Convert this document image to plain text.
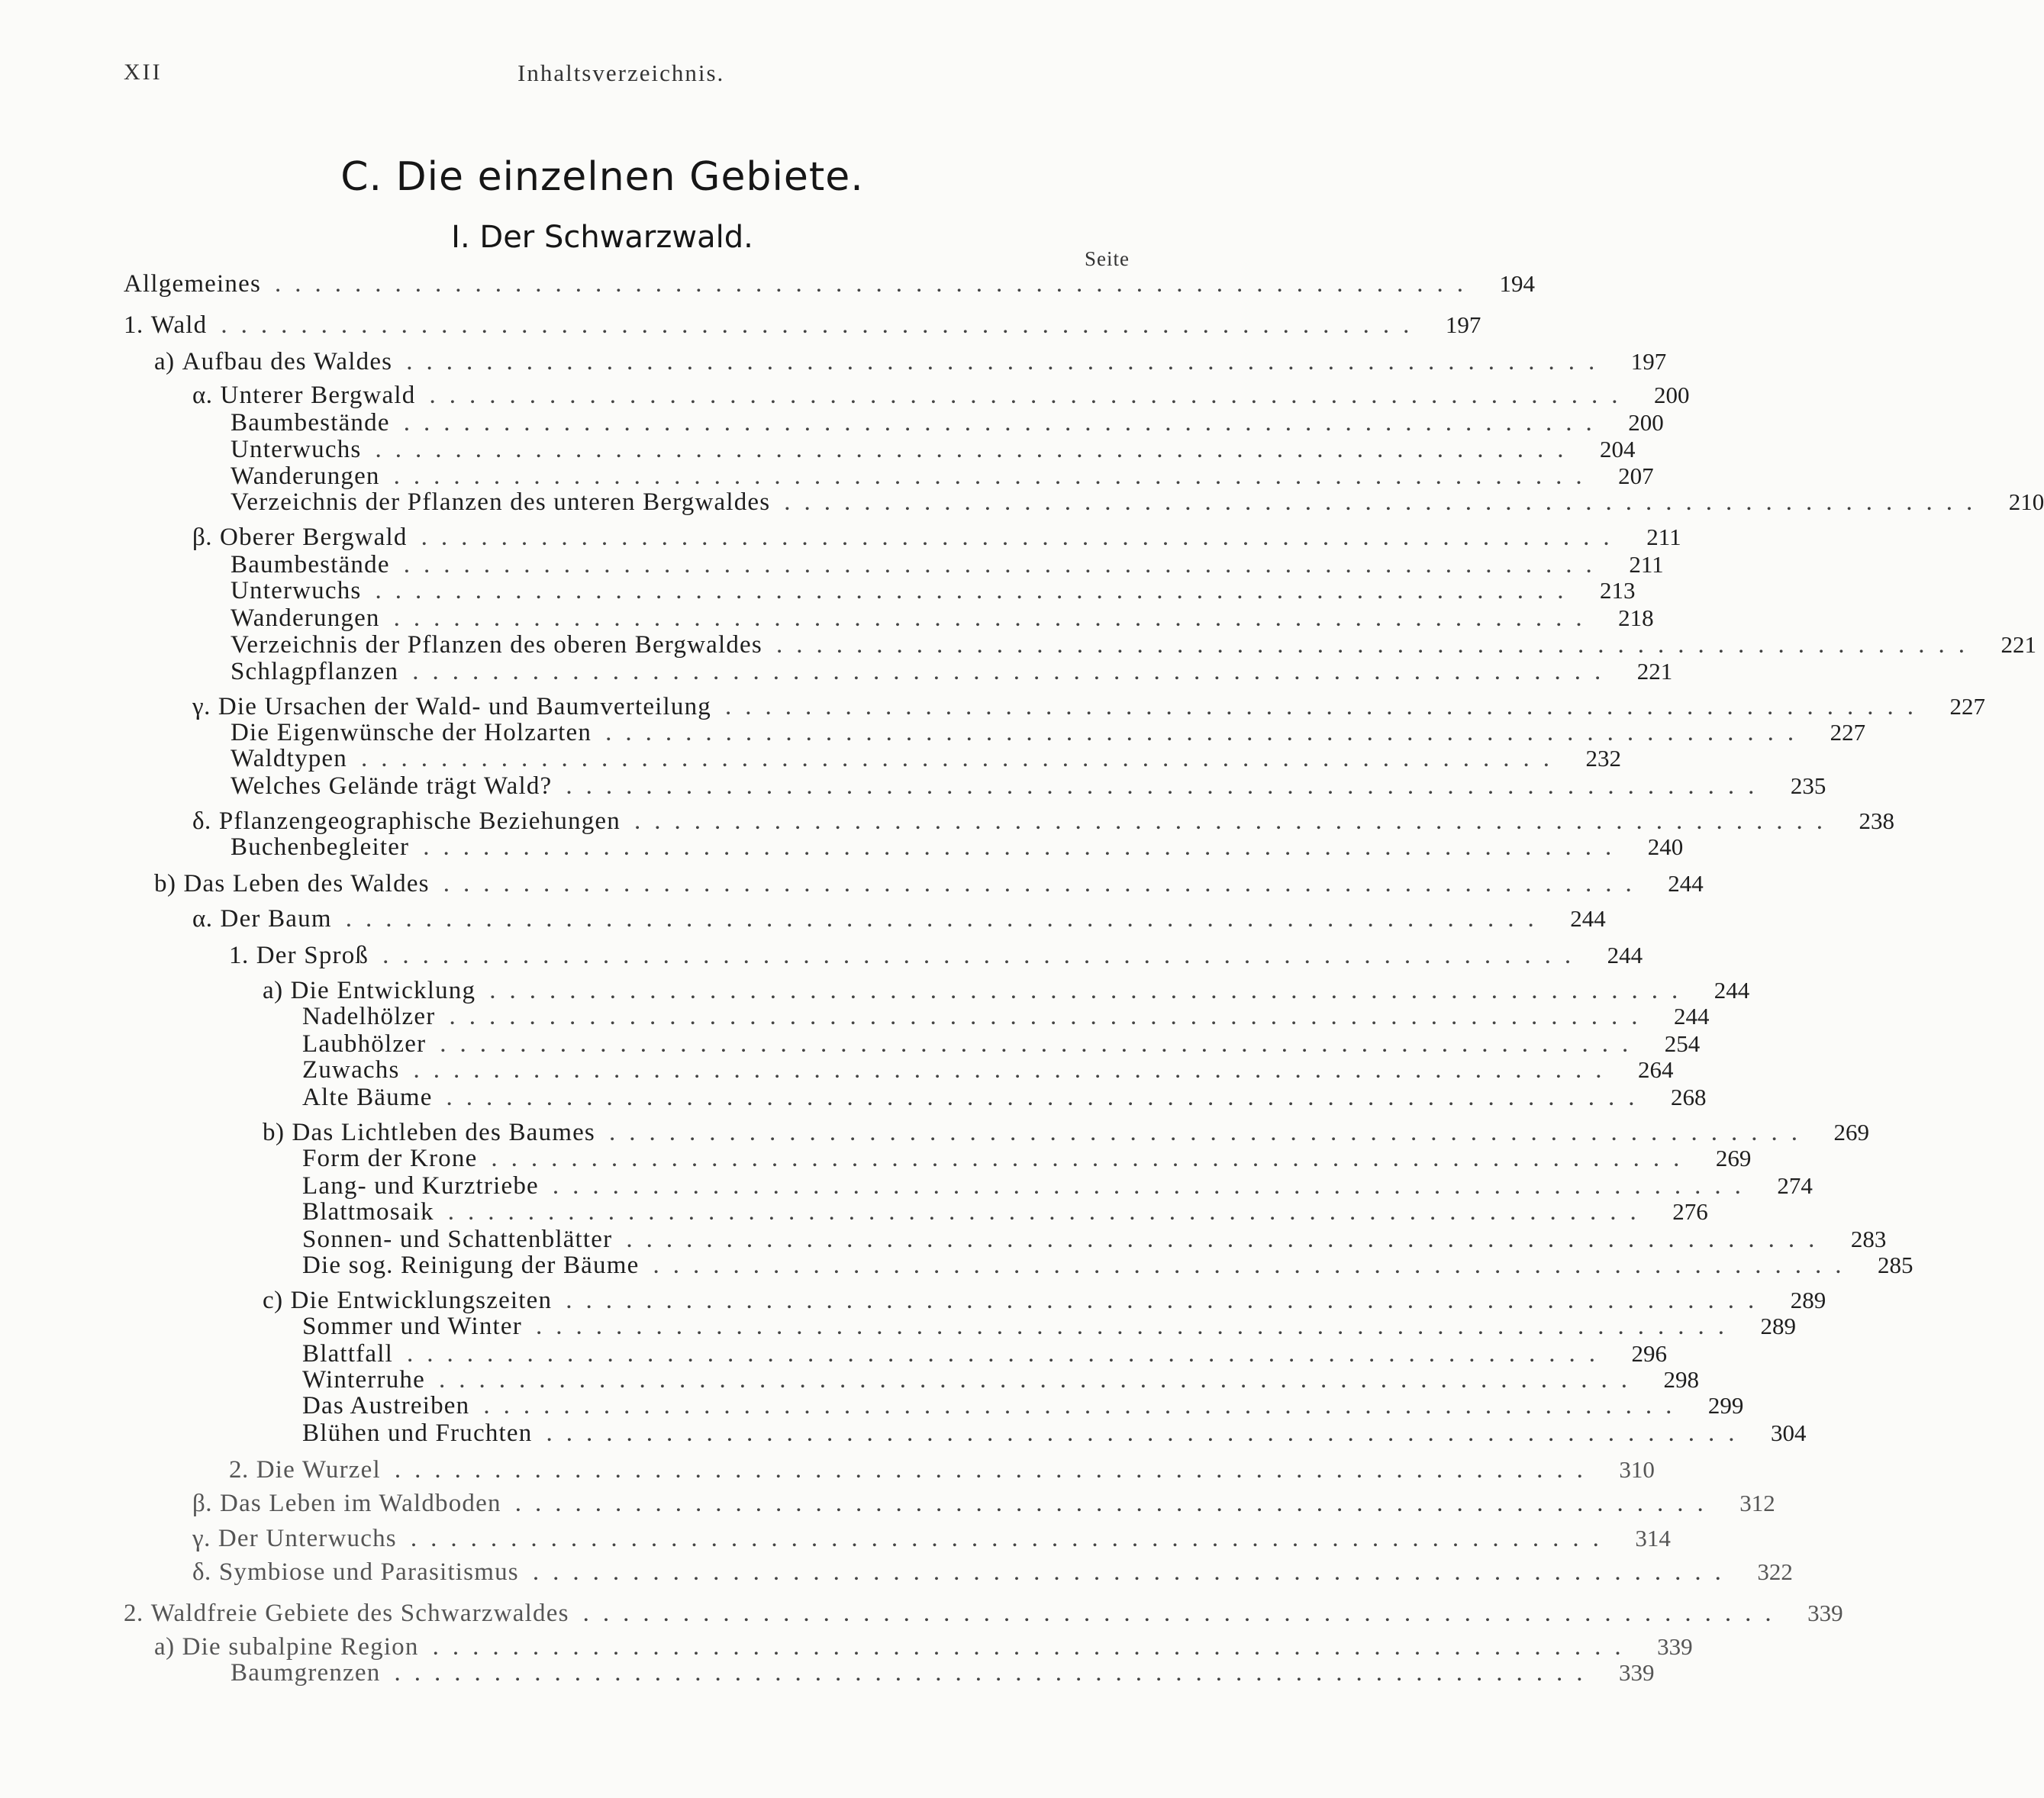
XII	Inhaltsverzeichnis.
C. Die einzelnen Gebiete.
I. Der Schwarzwald.
Seite
Allgemeines ............................................................ 194
1. Wald ............................................................ 197
a) Aufbau des Waldes ............................................................ 197
α. Unterer Bergwald ............................................................ 200
Baumbestände ............................................................ 200
Unterwuchs ............................................................ 204
Wanderungen ............................................................ 207
Verzeichnis der Pflanzen des unteren Bergwaldes ............................................................ 210
β. Oberer Bergwald ............................................................ 211
Baumbestände ............................................................ 211
Unterwuchs ............................................................ 213
Wanderungen ............................................................ 218
Verzeichnis der Pflanzen des oberen Bergwaldes ............................................................ 221
Schlagpflanzen ............................................................ 221
γ. Die Ursachen der Wald- und Baumverteilung ............................................................ 227
Die Eigenwünsche der Holzarten ............................................................ 227
Waldtypen ............................................................ 232
Welches Gelände trägt Wald? ............................................................ 235
δ. Pflanzengeographische Beziehungen ............................................................ 238
Buchenbegleiter ............................................................ 240
b) Das Leben des Waldes ............................................................ 244
α. Der Baum ............................................................ 244
1. Der Sproß ............................................................ 244
a) Die Entwicklung ............................................................ 244
Nadelhölzer ............................................................ 244
Laubhölzer ............................................................ 254
Zuwachs ............................................................ 264
Alte Bäume ............................................................ 268
b) Das Lichtleben des Baumes ............................................................ 269
Form der Krone ............................................................ 269
Lang- und Kurztriebe ............................................................ 274
Blattmosaik ............................................................ 276
Sonnen- und Schattenblätter ............................................................ 283
Die sog. Reinigung der Bäume ............................................................ 285
c) Die Entwicklungszeiten ............................................................ 289
Sommer und Winter ............................................................ 289
Blattfall ............................................................ 296
Winterruhe ............................................................ 298
Das Austreiben ............................................................ 299
Blühen und Fruchten ............................................................ 304
2. Die Wurzel ............................................................ 310
β. Das Leben im Waldboden ............................................................ 312
γ. Der Unterwuchs ............................................................ 314
δ. Symbiose und Parasitismus ............................................................ 322
2. Waldfreie Gebiete des Schwarzwaldes ............................................................ 339
a) Die subalpine Region ............................................................ 339
Baumgrenzen ............................................................ 339
